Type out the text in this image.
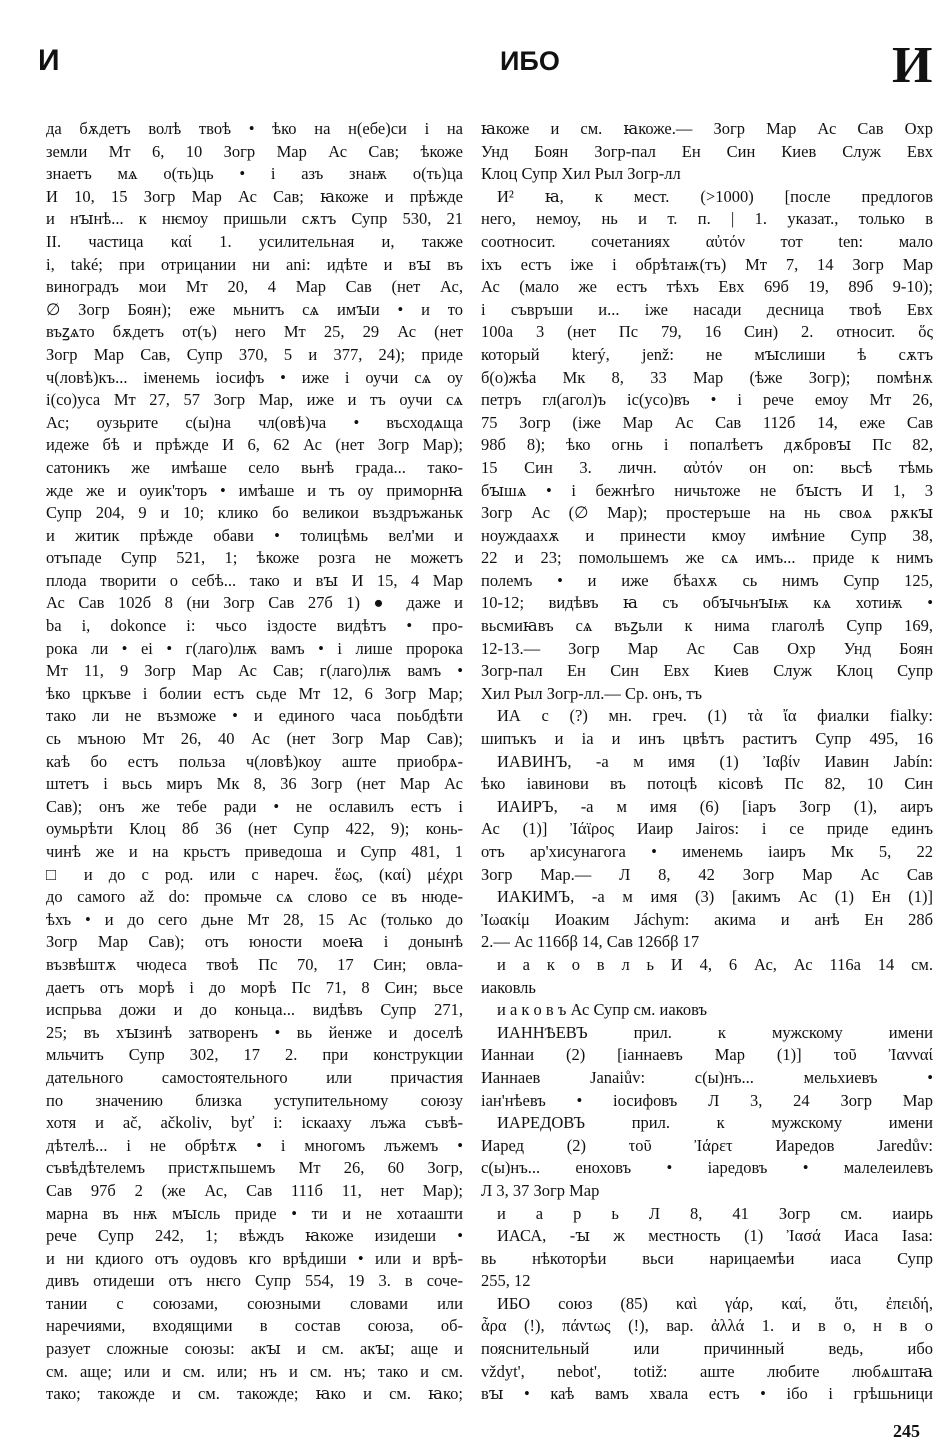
И	ИБО	И
да бѫдетъ волѣ твоѣ • ѣко на н(ебе)си і на
земли Мт 6, 10 Зогр Мар Ас Сав; ѣкоже
знаетъ мѧ о(ть)ць • і азъ знаѭ о(ть)ца
И 10, 15 Зогр Мар Ас Сав; ꙗкоже и прѣжде
и нꙑнѣ... к нѥмоу пришьли сѫтъ Супр 530, 21
II. частица καί 1. усилительная и, также
i, také; при отрицании ни ani: идѣте и вꙑ въ
виноградъ мои Мт 20, 4 Мар Сав (нет Ас,
∅ Зогр Боян); еже мьнитъ сѧ имꙑи • и то
въꙁѧто бѫдетъ от(ъ) него Мт 25, 29 Ас (нет
Зогр Мар Сав, Супр 370, 5 и 377, 24); приде
ч(ловѣ)къ... іменемь іосифъ • иже і оучи сѧ оу
і(со)уса Мт 27, 57 Зогр Мар, иже и тъ оучи сѧ
Ас; оузьрите с(ы)на чл(овѣ)ча • въсходѧща
идеже бѣ и прѣжде И 6, 62 Ас (нет Зогр Мар);
сатоникъ же имѣаше село вьнѣ града... тако-
жде же и оуик'торъ • имѣаше и тъ оу приморнꙗ
Супр 204, 9 и 10; клико бо великои въздръжаньк
и житик прѣжде обави • толицѣмь вел'ми и
отъпаде Супр 521, 1; ѣкоже розга не можетъ
плода творити о себѣ... тако и вꙑ И 15, 4 Мар
Ас Сав 102б 8 (ни Зогр Сав 27б 1) ● даже и
ba i, dokonce i: чьсо іздосте видѣтъ • про-
рока ли • еі • г(лаго)лѭ вамъ • і лише пророка
Мт 11, 9 Зогр Мар Ас Сав; г(лаго)лѭ вамъ •
ѣко цркъве і болии естъ сьде Мт 12, 6 Зогр Мар;
тако ли не възможе • и единого часа поьбдѣти
сь мъною Мт 26, 40 Ас (нет Зогр Мар Сав);
каѣ бо естъ польза ч(ловѣ)коу аште приобрѧ-
штетъ і вьсь миръ Мк 8, 36 Зогр (нет Мар Ас
Сав); онъ же тебе ради • не ославилъ естъ і
оумьрѣти Клоц 8б 36 (нет Супр 422, 9); конь-
чинѣ же и на крьстъ приведоша и Супр 481, 1
□ и до с род. или с нареч. ἕως, (καί) μέχρι
до самого až do: промьче сѧ слово се въ нюде-
ѣхъ • и до сего дьне Мт 28, 15 Ас (только до
Зогр Мар Сав); отъ юности моеꙗ і донынѣ
възвѣштѫ чюдеса твоѣ Пс 70, 17 Син; овла-
даетъ отъ морѣ і до морѣ Пс 71, 8 Син; вьсе
испрьва дожи и до коньца... видѣвъ Супр 271,
25; въ хꙑзинѣ затворенъ • вь йенже и доселѣ
мльчитъ Супр 302, 17 2. при конструкции
дательного самостоятельного или причастия
по значению близка уступительному союзу
хотя и ač, ačkoliv, byť i: іскааху лъжа съвѣ-
дѣтелѣ... і не обрѣтѫ • і многомъ лъжемъ •
съвѣдѣтелемъ пристѫпьшемъ Мт 26, 60 Зогр,
Сав 97б 2 (же Ас, Сав 111б 11, нет Мар);
марна въ нѭ мꙑсль приде • ти и не хотаашти
рече Супр 242, 1; вѣждъ ꙗкоже изидеши •
и ни кдиого отъ оудовъ кго врѣдиши • или и врѣ-
дивъ отидеши отъ нѥго Супр 554, 19 3. в соче-
тании с союзами, союзными словами или
наречиями, входящими в состав союза, об-
разует сложные союзы: акꙑ и см. акꙑ; аще и
см. аще; или и см. или; нъ и см. нъ; тако и см.
тако; такожде и см. такожде; ꙗко и см. ꙗко;
ꙗкоже и см. ꙗкоже.— Зогр Мар Ас Сав Охр
Унд Боян Зогр-пал Ен Син Киев Служ Евх
Клоц Супр Хил Рыл Зогр-лл
И² ꙗ, к мест. (>1000) [после предлогов
него, немоу, нь и т. п. | 1. указат., только в
соотносит. сочетаниях αὐτόν тот ten: мало
іхъ естъ іже і обрѣтаѭ(тъ) Мт 7, 14 Зогр Мар
Ас (мало же естъ тѣхъ Евх 69б 19, 89б 9-10);
і съвръши и... іже насади десница твоѣ Евх
100а 3 (нет Пс 79, 16 Син) 2. относит. ὅς
который který, jenž: не мꙑслиши ѣ сѫтъ
б(о)жѣа Мк 8, 33 Мар (ѣже Зогр); помѣнѫ
петръ гл(агол)ъ іс(усо)въ • і рече емоу Мт 26,
75 Зогр (іже Мар Ас Сав 112б 14, еже Сав
98б 8); ѣко огнь і попалѣетъ дѫбровꙑ Пс 82,
15 Син 3. личн. αὐτόν он on: вьсѣ тѣмь
бꙑшѧ • і бежнѣго ничьтоже не бꙑстъ И 1, 3
Зогр Ас (∅ Мар); простеръше на нь своѧ рѫкꙑ
ноуждаахѫ и принести кмоу имѣние Супр 38,
22 и 23; помольшемъ же сѧ имъ... приде к нимъ
полемъ • и иже бѣахѫ сь нимъ Супр 125,
10-12; видѣвъ ꙗ съ обꙑчьнꙑѭ кѧ хотиѭ •
вьсмиꙗвъ сѧ въꙁьли к нима глаголѣ Супр 169,
12-13.— Зогр Мар Ас Сав Охр Унд Боян
Зогр-пал Ен Син Евх Киев Служ Клоц Супр
Хил Рыл Зогр-лл.— Ср. онъ, тъ
ИА с (?) мн. греч. (1) τὰ ἴα фиалки fialky:
шипъкъ и іа и инъ цвѣтъ раститъ Супр 495, 16
ИАВИНЪ, -а м имя (1) Ἰαβίν Иавин Jabín:
ѣко іавинови въ потоцѣ кісовѣ Пс 82, 10 Син
ИАИРЪ, -а м имя (6) [іаръ Зогр (1), аиръ
Ас (1)] Ἰάϊρος Иаир Jairos: і се приде единъ
отъ ар'хисунагога • именемь іаиръ Мк 5, 22
Зогр Мар.— Л 8, 42 Зогр Мар Ас Сав
ИАКИМЪ, -а м имя (3) [акимъ Ас (1) Ен (1)]
Ἰωακίμ Иоаким Jáchym: акима и анѣ Ен 28б
2.— Ас 116бβ 14, Сав 126бβ 17
и а к о в л ь И 4, 6 Ас, Ас 116а 14 см.
иаковль
и а к о в ъ Ас Супр см. иаковъ
ИАННѢЕВЪ прил. к мужскому имени
Ианнаи (2) [іаннаевъ Мар (1)] τοῦ Ἰανναί
Ианнаев Janaiův: с(ы)нъ... мельхиевъ •
іан'нѣевъ • іосифовъ Л 3, 24 Зогр Мар
ИАРЕДОВЪ прил. к мужскому имени
Иаред (2) τοῦ Ἰάρετ Иаредов Jaredův:
с(ы)нъ... еноховъ • іаредовъ • малелеилевъ
Л 3, 37 Зогр Мар
и а р ь Л 8, 41 Зогр см. иаирь
ИАСА, -ꙑ ж местность (1) Ἰασά Иаса Iasa:
вь нѣкоторѣи вьси нарицаемѣи иаса Супр
255, 12
ИБО союз (85) καὶ γάρ, καί, ὅτι, ἐπειδή,
ἆρα (!), πάντως (!), вар. ἀλλά 1. и в о, н в о
пояснительный или причинный ведь, ибо
vždyt', nebot', totiž: аште любите любѧштаꙗ
вꙑ • каѣ вамъ хвала естъ • ібо і грѣшьници
245
